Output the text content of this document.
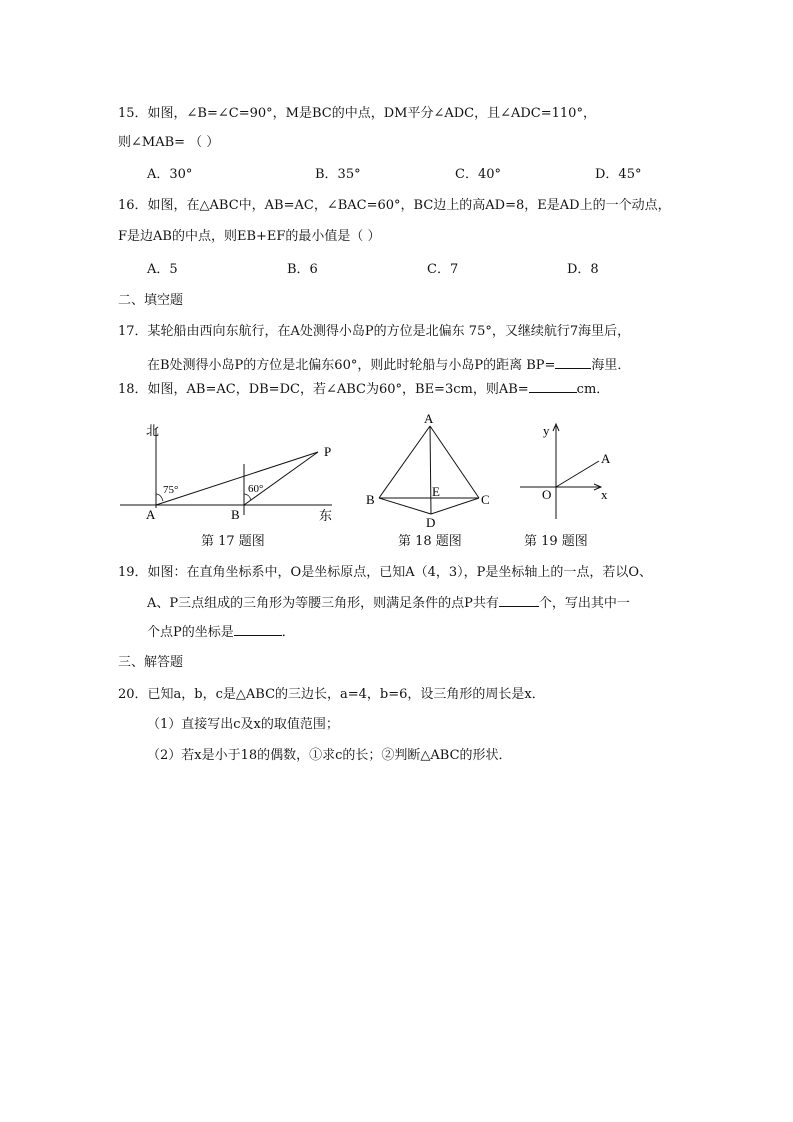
15．如图，∠B=∠C=90°，M是BC的中点，DM平分∠ADC，且∠ADC=110°，
则∠MAB= （ ）
A．30°	B．35°	C．40°	D．45°
16．如图，在△ABC中，AB=AC，∠BAC=60°，BC边上的高AD=8，E是AD上的一个动点，
F是边AB的中点，则EB+EF的最小值是（ ）
A．5	B．6	C．7	D．8
二、填空题
17．某轮船由西向东航行，在A处测得小岛P的方位是北偏东 75°，又继续航行7海里后，
在B处测得小岛P的方位是北偏东60°，则此时轮船与小岛P的距离 BP=	海里．
18．如图，AB=AC，DB=DC，若∠ABC为60°，BE=3cm，则AB=	cm．
北
东
A	B
P
75°	60°
第 17 题图
A
B	C
D
E
第 18 题图
y
x
O
A
第 19 题图
19．如图：在直角坐标系中，O是坐标原点，已知A（4，3），P是坐标轴上的一点，若以O、
A、P三点组成的三角形为等腰三角形，则满足条件的点P共有	个，写出其中一
个点P的坐标是	．
三、解答题
20．已知a，b，c是△ABC的三边长，a=4，b=6，设三角形的周长是x．
（1）直接写出c及x的取值范围；
（2）若x是小于18的偶数，①求c的长；②判断△ABC的形状．
